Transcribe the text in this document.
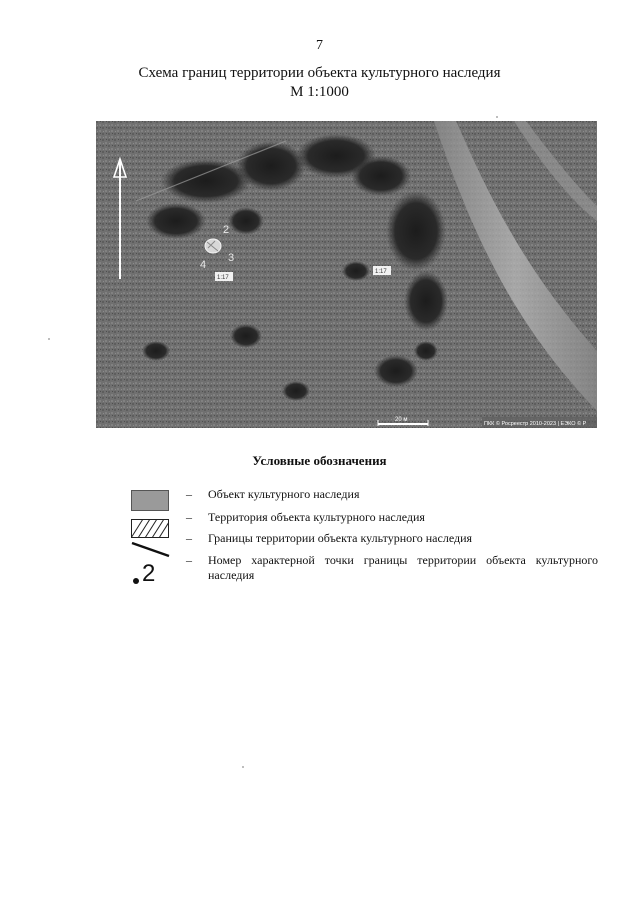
7
Схема границ территории объекта культурного наследия
М 1:1000
2
3
4
1:17
1:17
20 м
ПКК © Росреестр 2010-2023 | ЕЭКО © Р
Условные обозначения
2
– Объект культурного наследия
– Территория объекта культурного наследия
– Границы территории объекта культурного наследия
– Номер характерной точки границы территории объекта культурного наследия
